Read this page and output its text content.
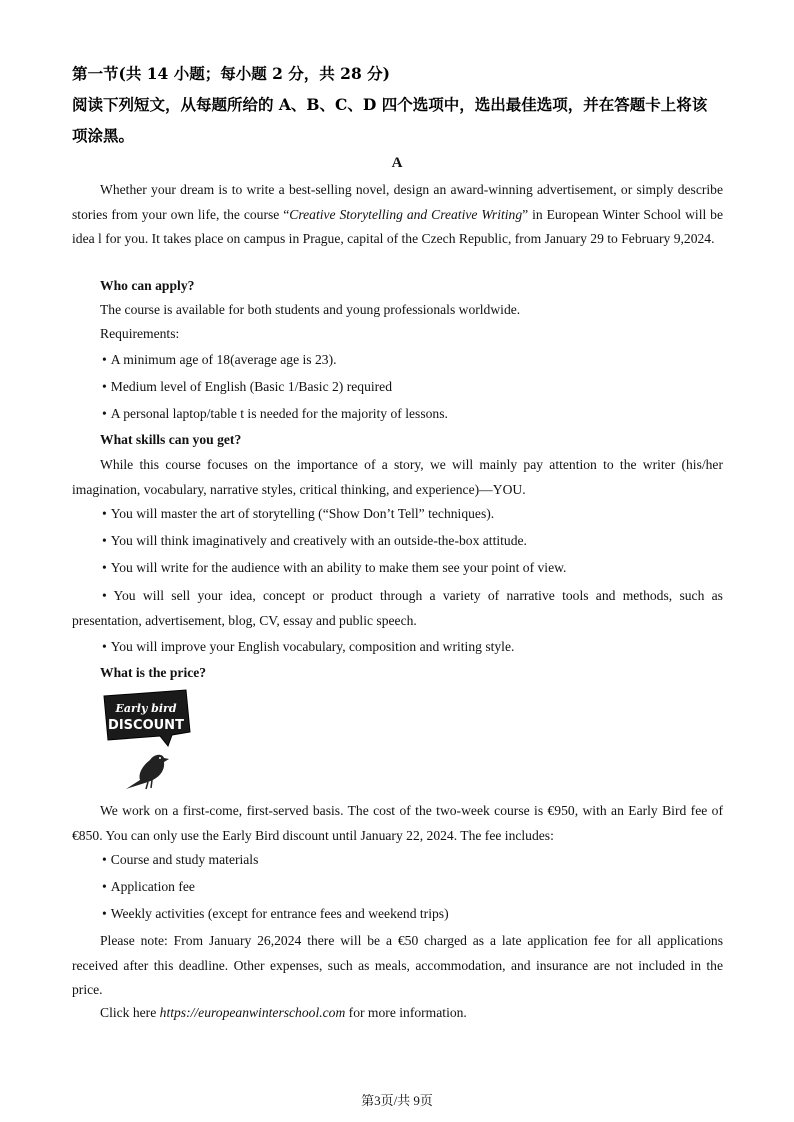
第一节(共 14 小题；每小题 2 分，共 28 分)
阅读下列短文，从每题所给的 A、B、C、D 四个选项中，选出最佳选项，并在答题卡上将该
项涂黑。
A
Whether your dream is to write a best-selling novel, design an award-winning advertisement, or simply describe stories from your own life, the course “Creative Storytelling and Creative Writing” in European Winter School will be idea l for you. It takes place on campus in Prague, capital of the Czech Republic, from January 29 to February 9,2024.
Who can apply?
The course is available for both students and young professionals worldwide.
Requirements:
• A minimum age of 18(average age is 23).
• Medium level of English (Basic 1/Basic 2) required
• A personal laptop/table t is needed for the majority of lessons.
What skills can you get?
While this course focuses on the importance of a story, we will mainly pay attention to the writer (his/her imagination, vocabulary, narrative styles, critical thinking, and experience)—YOU.
• You will master the art of storytelling (“Show Don’t Tell” techniques).
• You will think imaginatively and creatively with an outside-the-box attitude.
• You will write for the audience with an ability to make them see your point of view.
• You will sell your idea, concept or product through a variety of narrative tools and methods, such as presentation, advertisement, blog, CV, essay and public speech.
• You will improve your English vocabulary, composition and writing style.
What is the price?
Early bird
DISCOUNT
We work on a first-come, first-served basis. The cost of the two-week course is €950, with an Early Bird fee of €850. You can only use the Early Bird discount until January 22, 2024. The fee includes:
• Course and study materials
• Application fee
• Weekly activities (except for entrance fees and weekend trips)
Please note: From January 26,2024 there will be a €50 charged as a late application fee for all applications received after this deadline. Other expenses, such as meals, accommodation, and insurance are not included in the price.
Click here https://europeanwinterschool.com for more information.
第3页/共 9页
